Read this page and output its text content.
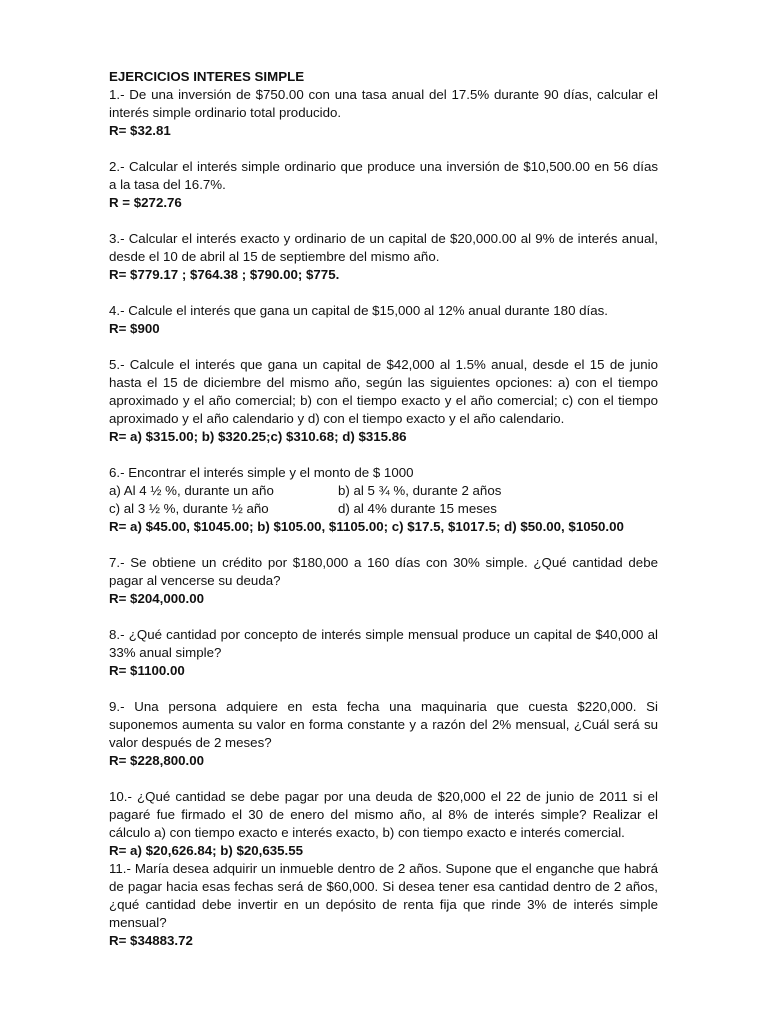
EJERCICIOS INTERES SIMPLE
1.- De una inversión de $750.00 con una tasa anual del 17.5% durante 90 días, calcular el interés simple ordinario total producido.
R= $32.81
2.- Calcular el interés simple ordinario que produce una inversión de $10,500.00 en 56 días a la tasa del 16.7%.
R = $272.76
3.- Calcular el interés exacto y ordinario de un capital de $20,000.00 al 9% de interés anual, desde el 10 de abril al 15 de septiembre del mismo año.
R= $779.17 ; $764.38 ; $790.00; $775.
4.- Calcule el interés que gana un capital de $15,000 al 12% anual durante 180 días.
R= $900
5.- Calcule el interés que gana un capital de $42,000 al 1.5% anual, desde el 15 de junio hasta el 15 de diciembre del mismo año, según las siguientes opciones: a) con el tiempo aproximado y el año comercial; b) con el tiempo exacto y el año comercial; c) con el tiempo aproximado y el año calendario y d) con el tiempo exacto y el año calendario.
R= a) $315.00; b) $320.25;c) $310.68; d) $315.86
6.- Encontrar el interés simple y el monto de $ 1000
a) Al 4 ½ %, durante un año	b) al 5 ¾ %, durante 2 años
c) al 3 ½ %, durante ½ año	d) al 4% durante 15 meses
R= a) $45.00, $1045.00; b) $105.00, $1105.00; c) $17.5, $1017.5; d) $50.00, $1050.00
7.- Se obtiene un crédito por $180,000 a 160 días con 30% simple. ¿Qué cantidad debe pagar al vencerse su deuda?
R= $204,000.00
8.- ¿Qué cantidad por concepto de interés simple mensual produce un capital de $40,000 al 33% anual simple?
R= $1100.00
9.- Una persona adquiere en esta fecha una maquinaria que cuesta $220,000. Si suponemos aumenta su valor en forma constante y a razón del 2% mensual, ¿Cuál será su valor después de 2 meses?
R= $228,800.00
10.- ¿Qué cantidad se debe pagar por una deuda de $20,000 el 22 de junio de 2011 si el pagaré fue firmado el 30 de enero del mismo año, al 8% de interés simple? Realizar el cálculo a) con tiempo exacto e interés exacto, b) con tiempo exacto e interés comercial.
R= a) $20,626.84; b) $20,635.55
11.- María desea adquirir un inmueble dentro de 2 años. Supone que el enganche que habrá de pagar hacia esas fechas será de $60,000. Si desea tener esa cantidad dentro de 2 años, ¿qué cantidad debe invertir en un depósito de renta fija que rinde 3% de interés simple mensual?
R= $34883.72
